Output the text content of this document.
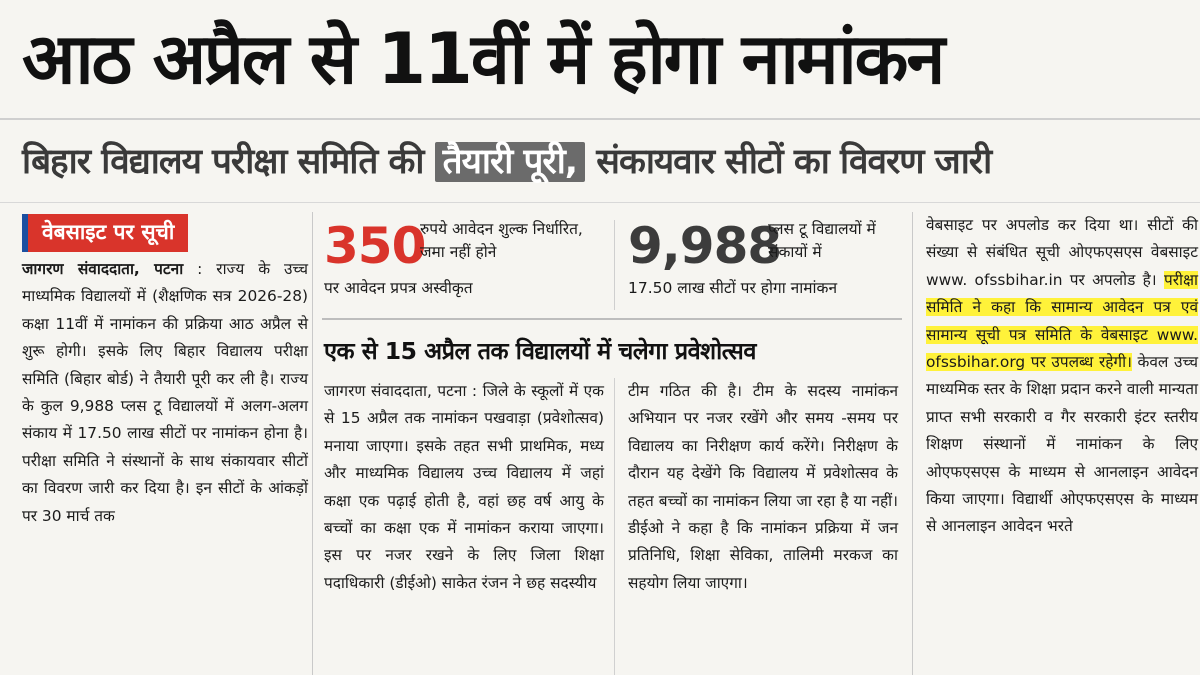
आठ अप्रैल से 11वीं में होगा नामांकन
बिहार विद्यालय परीक्षा समिति की तैयारी पूरी, संकायवार सीटों का विवरण जारी
वेबसाइट पर सूची
जागरण संवाददाता, पटना : राज्य के उच्च माध्यमिक विद्यालयों में (शैक्षणिक सत्र 2026-28) कक्षा 11वीं में नामांकन की प्रक्रिया आठ अप्रैल से शुरू होगी। इसके लिए बिहार विद्यालय परीक्षा समिति (बिहार बोर्ड) ने तैयारी पूरी कर ली है। राज्य के कुल 9,988 प्लस टू विद्यालयों में अलग-अलग संकाय में 17.50 लाख सीटों पर नामांकन होना है। परीक्षा समिति ने संस्थानों के साथ संकायवार सीटों का विवरण जारी कर दिया है। इन सीटों के आंकड़ों पर 30 मार्च तक
350
रुपये आवेदन शुल्क निर्धारित, जमा नहीं होने
पर आवेदन प्रपत्र अस्वीकृत
9,988
प्लस टू विद्यालयों में संकायों में
17.50 लाख सीटों पर होगा नामांकन
एक से 15 अप्रैल तक विद्यालयों में चलेगा प्रवेशोत्सव
जागरण संवाददाता, पटना : जिले के स्कूलों में एक से 15 अप्रैल तक नामांकन पखवाड़ा (प्रवेशोत्सव) मनाया जाएगा। इसके तहत सभी प्राथमिक, मध्य और माध्यमिक विद्यालय उच्च विद्यालय में जहां कक्षा एक पढ़ाई होती है, वहां छह वर्ष आयु के बच्चों का कक्षा एक में नामांकन कराया जाएगा। इस पर नजर रखने के लिए जिला शिक्षा पदाधिकारी (डीईओ) साकेत रंजन ने छह सदस्यीय
टीम गठित की है। टीम के सदस्य नामांकन अभियान पर नजर रखेंगे और समय -समय पर विद्यालय का निरीक्षण कार्य करेंगे। निरीक्षण के दौरान यह देखेंगे कि विद्यालय में प्रवेशोत्सव के तहत बच्चों का नामांकन लिया जा रहा है या नहीं। डीईओ ने कहा है कि नामांकन प्रक्रिया में जन प्रतिनिधि, शिक्षा सेविका, तालिमी मरकज का सहयोग लिया जाएगा।
वेबसाइट पर अपलोड कर दिया था। सीटों की संख्या से संबंधित सूची ओएफएसएस वेबसाइट www. ofssbihar.in पर अपलोड है। परीक्षा समिति ने कहा कि सामान्य आवेदन पत्र एवं सामान्य सूची पत्र समिति के वेबसाइट www. ofssbihar.org पर उपलब्ध रहेगी। केवल उच्च माध्यमिक स्तर के शिक्षा प्रदान करने वाली मान्यता प्राप्त सभी सरकारी व गैर सरकारी इंटर स्तरीय शिक्षण संस्थानों में नामांकन के लिए ओएफएसएस के माध्यम से आनलाइन आवेदन किया जाएगा। विद्यार्थी ओएफएसएस के माध्यम से आनलाइन आवेदन भरते
